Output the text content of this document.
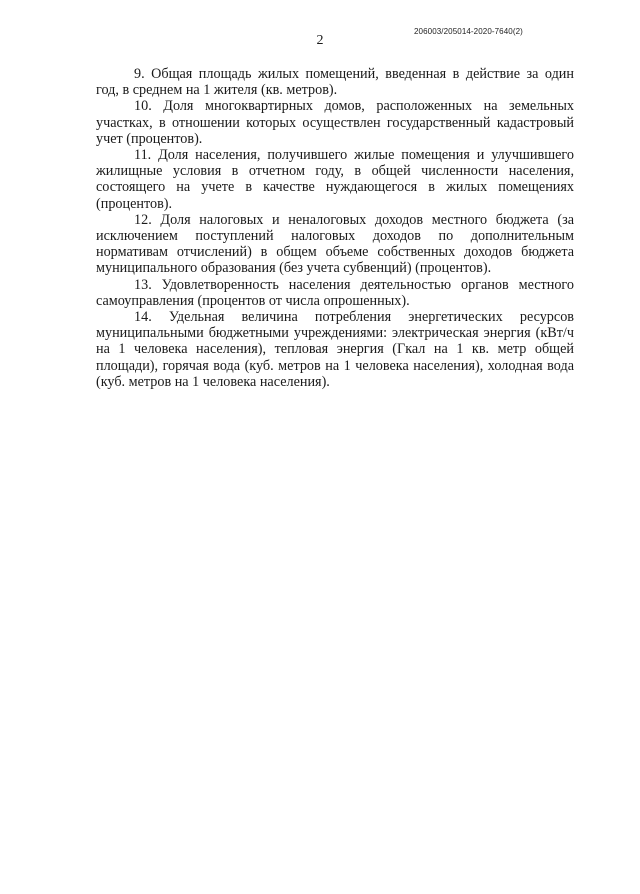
206003/205014-2020-7640(2)
2

9. Общая площадь жилых помещений, введенная в действие за один год, в среднем на 1 жителя (кв. метров).

10. Доля многоквартирных домов, расположенных на земельных участках, в отношении которых осуществлен государственный кадастровый учет (процентов).

11. Доля населения, получившего жилые помещения и улучшившего жилищные условия в отчетном году, в общей численности населения, состоящего на учете в качестве нуждающегося в жилых помещениях (процентов).

12. Доля налоговых и неналоговых доходов местного бюджета (за исключением поступлений налоговых доходов по дополнительным нормативам отчислений) в общем объеме собственных доходов бюджета муниципального образования (без учета субвенций) (процентов).

13. Удовлетворенность населения деятельностью органов местного самоуправления (процентов от числа опрошенных).

14. Удельная величина потребления энергетических ресурсов муниципальными бюджетными учреждениями: электрическая энергия (кВт/ч на 1 человека населения), тепловая энергия (Гкал на 1 кв. метр общей площади), горячая вода (куб. метров на 1 человека населения), холодная вода (куб. метров на 1 человека населения).
